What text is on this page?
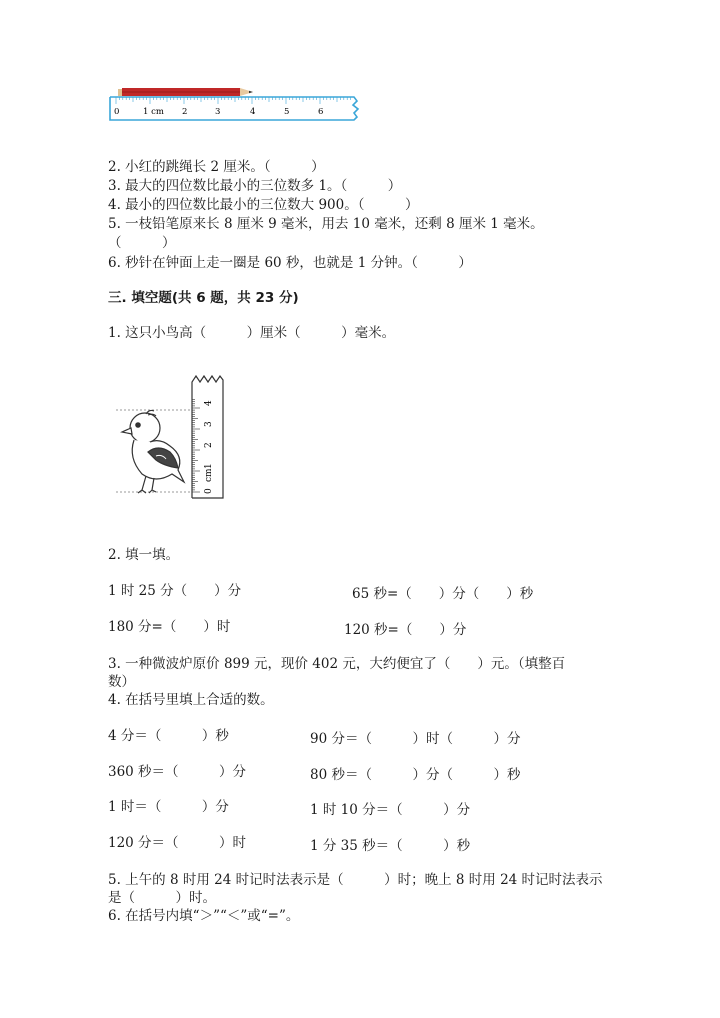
0	1 cm 2	3	4	5	6
2. 小红的跳绳长 2 厘米。（　　　）
3. 最大的四位数比最小的三位数多 1。（　　　）
4. 最小的四位数比最小的三位数大 900。（　　　）
5. 一枝铅笔原来长 8 厘米 9 毫米，用去 10 毫米，还剩 8 厘米 1 毫米。
（　　　）
6. 秒针在钟面上走一圈是 60 秒，也就是 1 分钟。（　　　）
三. 填空题(共 6 题，共 23 分)
1. 这只小鸟高（　　　）厘米（　　　）毫米。
0
cm
1
2
3
4
2. 填一填。
1 时 25 分（　　）分	65 秒=（　　）分（　　）秒
180 分=（　　）时	120 秒=（　　）分
3. 一种微波炉原价 899 元，现价 402 元，大约便宜了（　　）元。（填整百
数）
4. 在括号里填上合适的数。
4 分＝（　　　）秒	90 分＝（　　　）时（　　　）分
360 秒＝（　　　）分	80 秒＝（　　　）分（　　　）秒
1 时＝（　　　）分	1 时 10 分＝（　　　）分
120 分＝（　　　）时	1 分 35 秒＝（　　　）秒
5. 上午的 8 时用 24 时记时法表示是（　　　）时；晚上 8 时用 24 时记时法表示
是（　　　）时。
6. 在括号内填“＞”“＜”或“=”。
